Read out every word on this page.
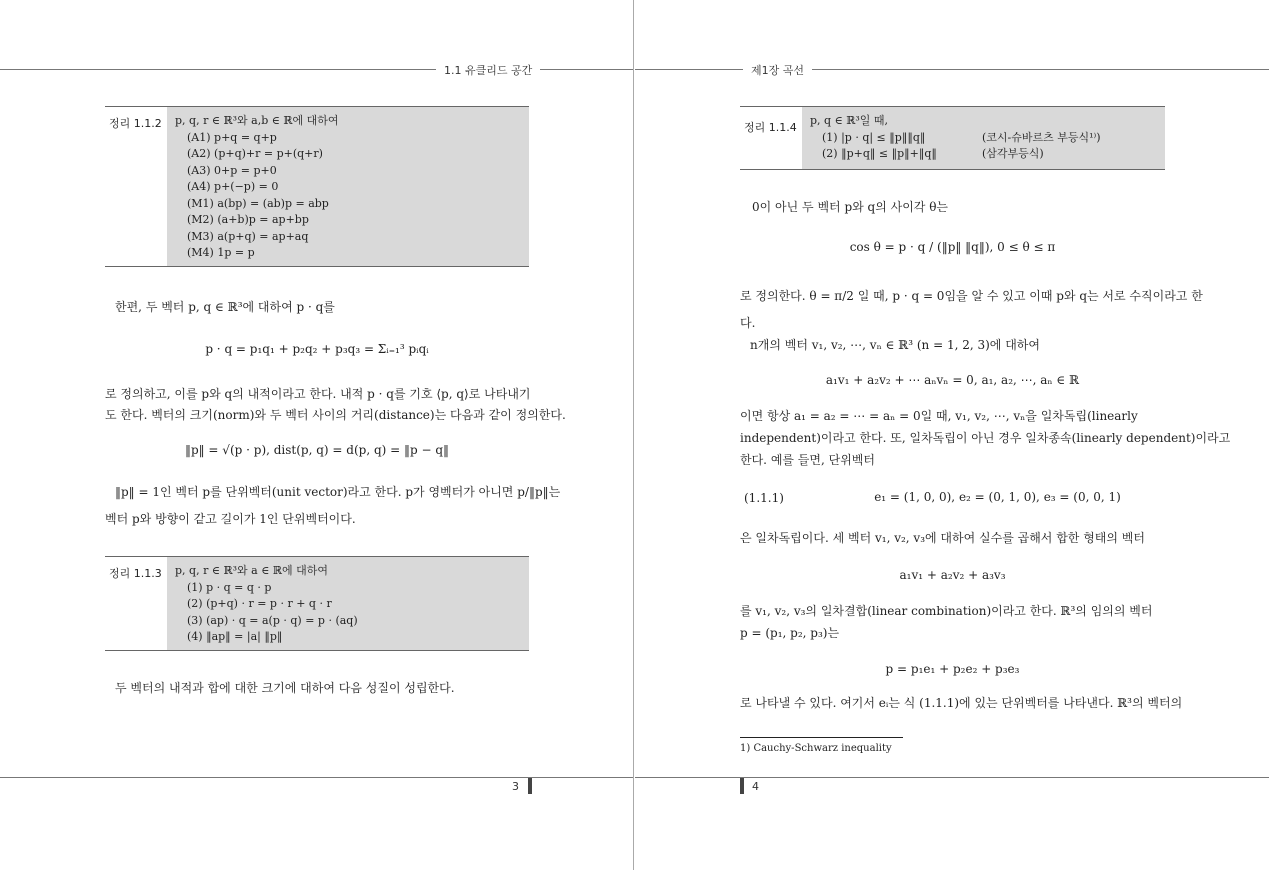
1.1 유클리드 공간
정리 1.1.2	p, q, r ∈ ℝ³와 a,b ∈ ℝ에 대하여
(A1) p+q = q+p
(A2) (p+q)+r = p+(q+r)
(A3) 0+p = p+0
(A4) p+(−p) = 0
(M1) a(bp) = (ab)p = abp
(M2) (a+b)p = ap+bp
(M3) a(p+q) = ap+aq
(M4) 1p = p
한편, 두 벡터 p, q ∈ ℝ³에 대하여 p · q를
p · q = p₁q₁ + p₂q₂ + p₃q₃ = Σᵢ₌₁³ pᵢqᵢ
로 정의하고, 이를 p와 q의 내적이라고 한다. 내적 p · q를 기호 ⟨p, q⟩로 나타내기
도 한다. 벡터의 크기(norm)와 두 벡터 사이의 거리(distance)는 다음과 같이 정의한다.
‖p‖ = √(p · p), dist(p, q) = d(p, q) = ‖p − q‖
‖p‖ = 1인 벡터 p를 단위벡터(unit vector)라고 한다. p가 영벡터가 아니면 p/‖p‖는
벡터 p와 방향이 같고 길이가 1인 단위벡터이다.
정리 1.1.3	p, q, r ∈ ℝ³와 a ∈ ℝ에 대하여
(1) p · q = q · p
(2) (p+q) · r = p · r + q · r
(3) (ap) · q = a(p · q) = p · (aq)
(4) ‖ap‖ = |a| ‖p‖
두 벡터의 내적과 합에 대한 크기에 대하여 다음 성질이 성립한다.
3
제1장 곡선
정리 1.1.4
p, q ∈ ℝ³일 때,
(1) |p · q| ≤ ‖p‖‖q‖	(코시-슈바르츠 부등식¹⁾)
(2) ‖p+q‖ ≤ ‖p‖+‖q‖	(삼각부등식)
0이 아닌 두 벡터 p와 q의 사이각 θ는
cos θ = p · q / (‖p‖ ‖q‖), 0 ≤ θ ≤ π
로 정의한다. θ = π/2 일 때, p · q = 0임을 알 수 있고 이때 p와 q는 서로 수직이라고 한
다.
n개의 벡터 v₁, v₂, ⋯, vₙ ∈ ℝ³ (n = 1, 2, 3)에 대하여
a₁v₁ + a₂v₂ + ⋯ aₙvₙ = 0, a₁, a₂, ⋯, aₙ ∈ ℝ
이면 항상 a₁ = a₂ = ⋯ = aₙ = 0일 때, v₁, v₂, ⋯, vₙ을 일차독립(linearly
independent)이라고 한다. 또, 일차독립이 아닌 경우 일차종속(linearly dependent)이라고
한다. 예를 들면, 단위벡터
(1.1.1)	e₁ = (1, 0, 0), e₂ = (0, 1, 0), e₃ = (0, 0, 1)
은 일차독립이다. 세 벡터 v₁, v₂, v₃에 대하여 실수를 곱해서 합한 형태의 벡터
a₁v₁ + a₂v₂ + a₃v₃
를 v₁, v₂, v₃의 일차결합(linear combination)이라고 한다. ℝ³의 임의의 벡터
p = (p₁, p₂, p₃)는
p = p₁e₁ + p₂e₂ + p₃e₃
로 나타낼 수 있다. 여기서 eᵢ는 식 (1.1.1)에 있는 단위벡터를 나타낸다. ℝ³의 벡터의
1) Cauchy-Schwarz inequality
4
